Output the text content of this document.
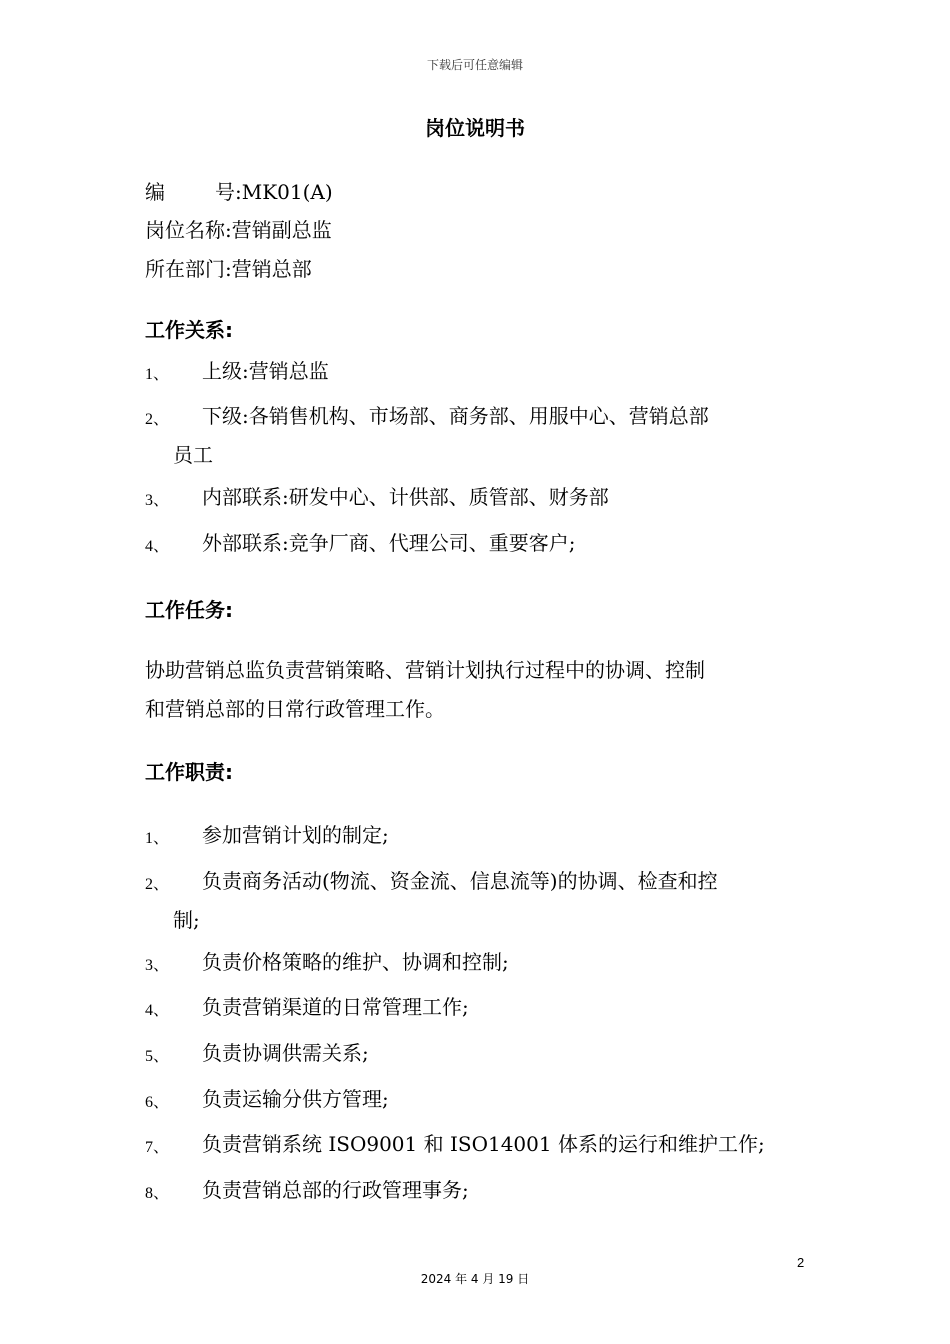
下载后可任意编辑
岗位说明书
编	号:MK01(A)
岗位名称:营销副总监
所在部门:营销总部
工作关系:
1、 上级:营销总监
2、 下级:各销售机构、市场部、商务部、用服中心、营销总部
员工
3、 内部联系:研发中心、计供部、质管部、财务部
4、 外部联系:竞争厂商、代理公司、重要客户;
工作任务:
协助营销总监负责营销策略、营销计划执行过程中的协调、控制
和营销总部的日常行政管理工作。
工作职责:
1、 参加营销计划的制定;
2、 负责商务活动(物流、资金流、信息流等)的协调、检查和控
制;
3、 负责价格策略的维护、协调和控制;
4、 负责营销渠道的日常管理工作;
5、 负责协调供需关系;
6、 负责运输分供方管理;
7、 负责营销系统 ISO9001 和 ISO14001 体系的运行和维护工作;
8、 负责营销总部的行政管理事务;
2
2024 年 4 月 19 日
